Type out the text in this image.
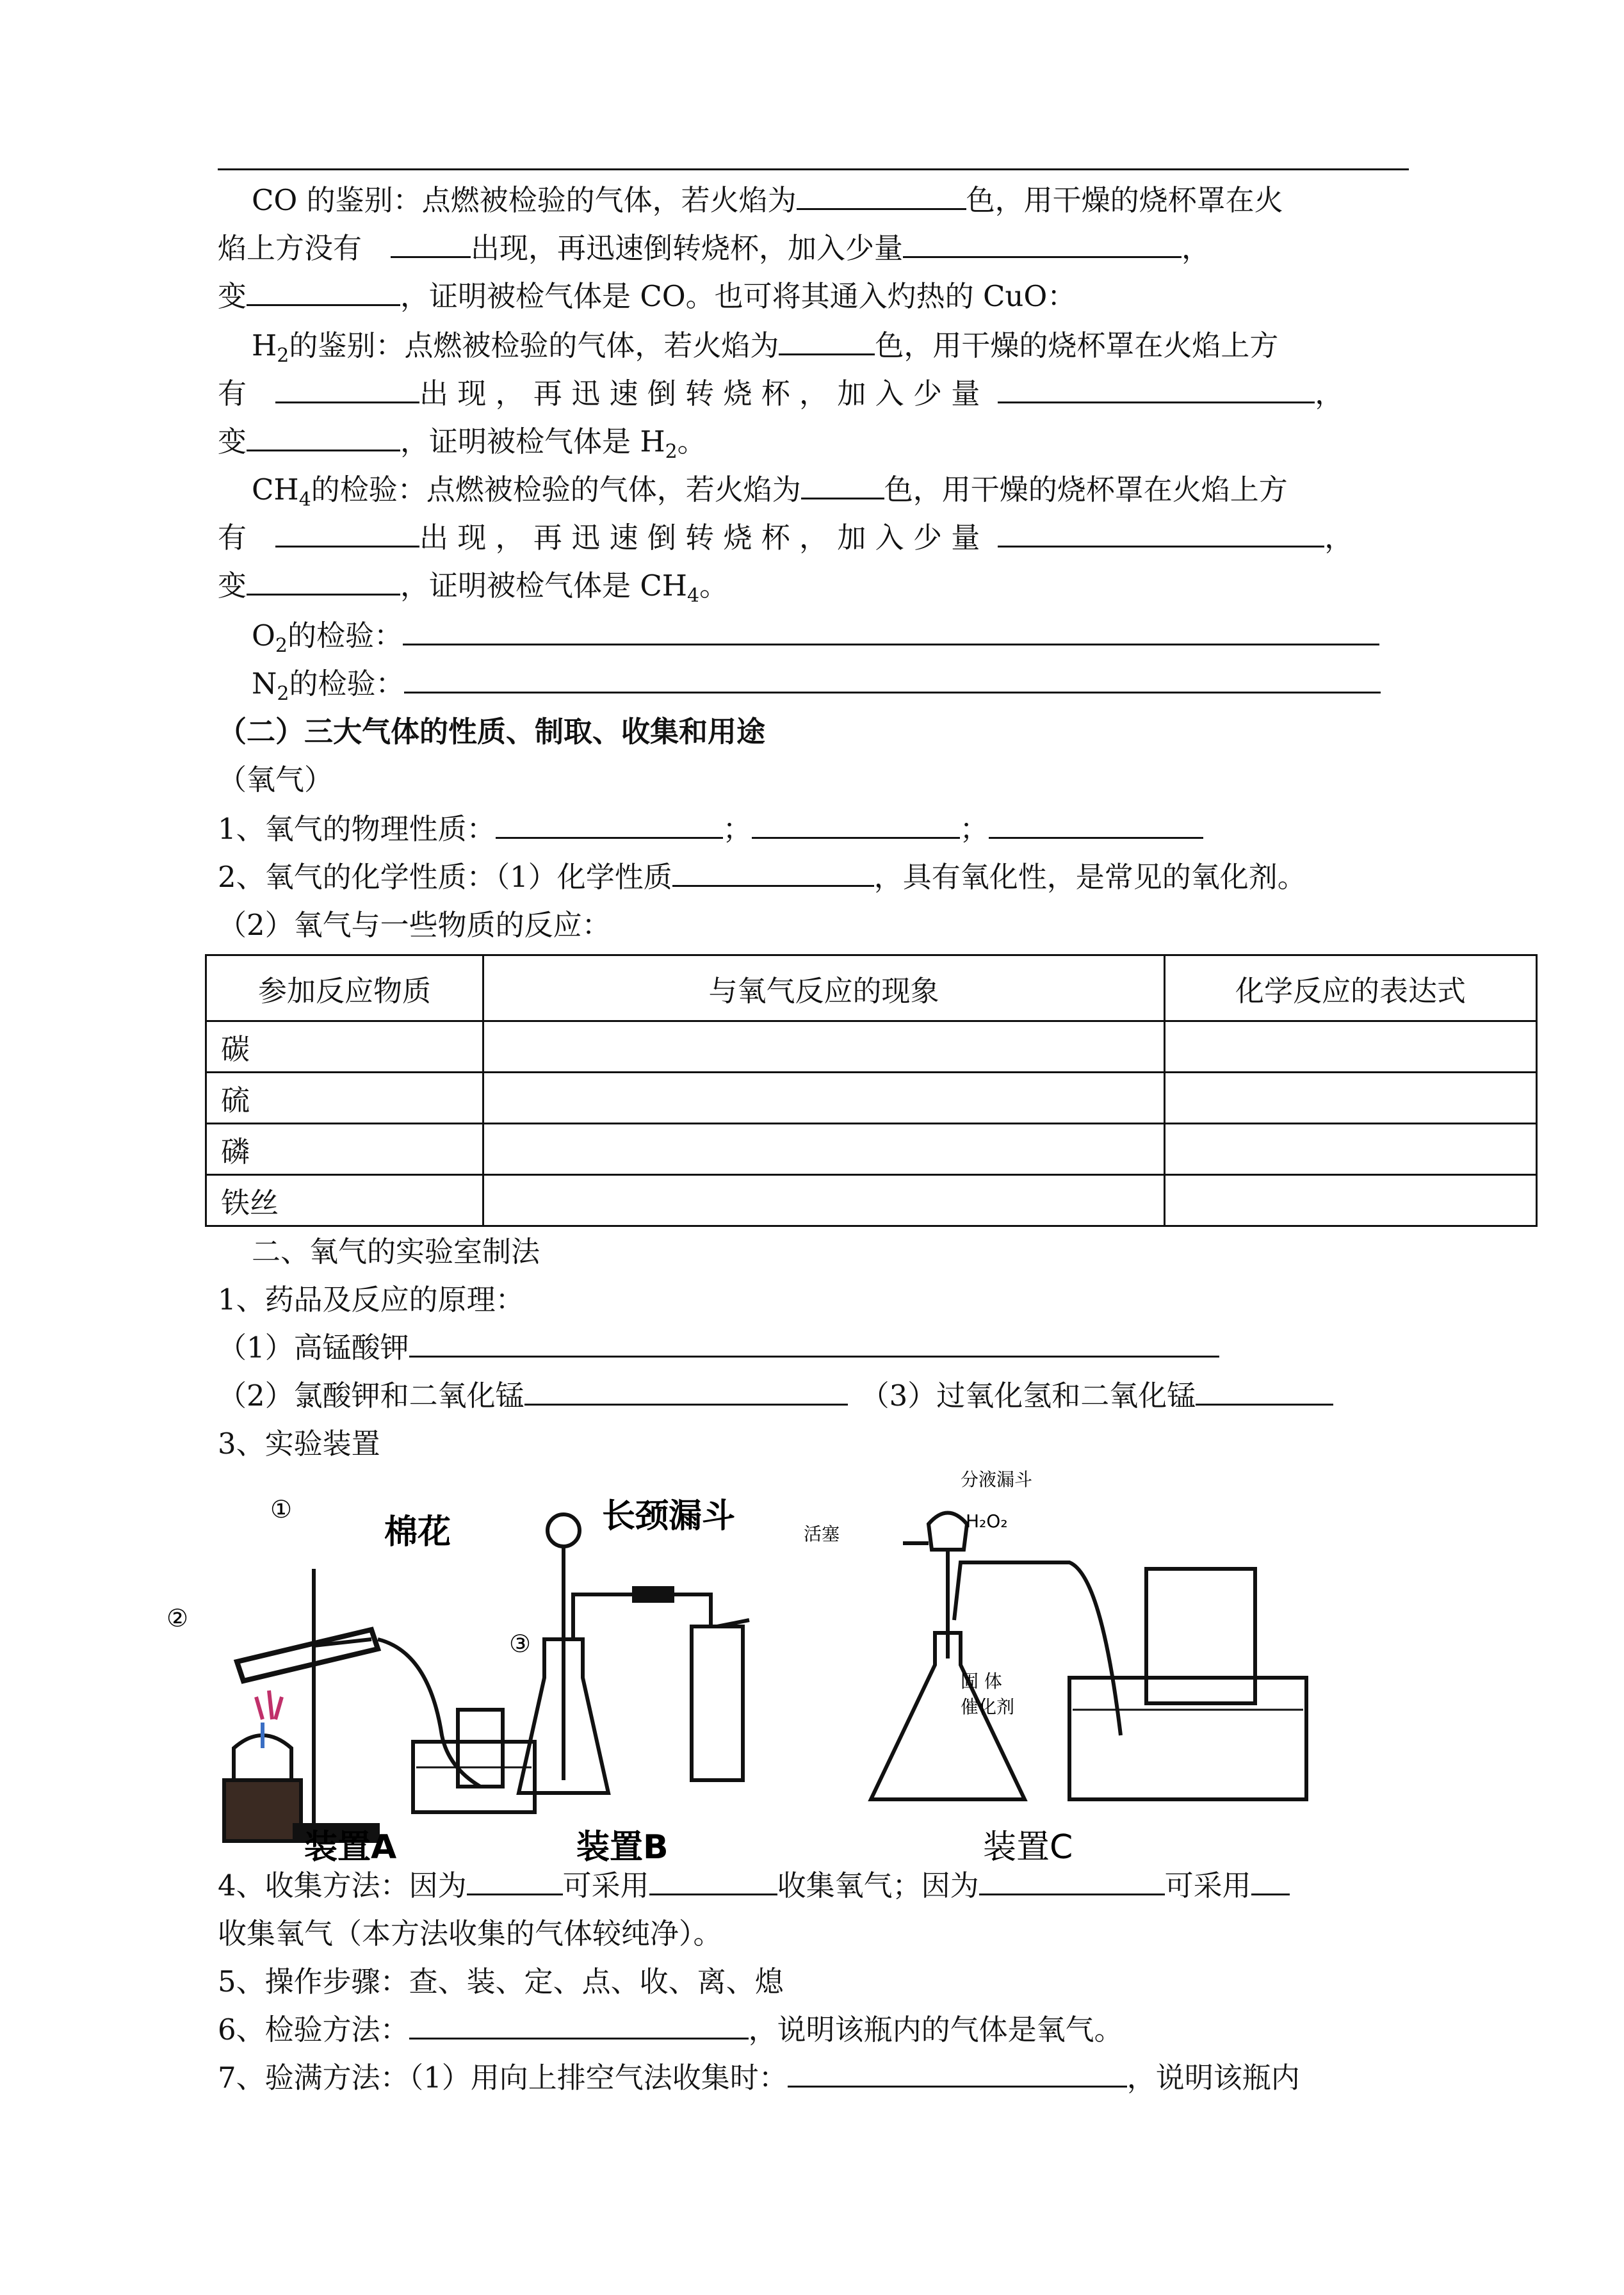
CO 的鉴别：点燃被检验的气体，若火焰为	色，用干燥的烧杯罩在火
焰上方没有	出现，再迅速倒转烧杯，加入少量	，
变	，证明被检气体是 CO。也可将其通入灼热的 CuO：
$H_2$的鉴别：点燃被检验的气体，若火焰为	色，用干燥的烧杯罩在火焰上方
有	出 现 ， 再 迅 速 倒 转 烧 杯 ， 加 入 少 量	，
变	，证明被检气体是 $H_2$。
$CH_4$的检验：点燃被检验的气体，若火焰为	色，用干燥的烧杯罩在火焰上方
有	出 现 ， 再 迅 速 倒 转 烧 杯 ， 加 入 少 量	，
变	，证明被检气体是 $CH_4$。
$O_2$的检验：
$N_2$的检验：
（二）三大气体的性质、制取、收集和用途
（氧气）
1、氧气的物理性质：	；	；
2、氧气的化学性质：（1）化学性质	，具有氧化性，是常见的氧化剂。
（2）氧气与一些物质的反应：
参加反应物质	与氧气反应的现象	化学反应的表达式
碳		
硫		
磷		
铁丝		
二、氧气的实验室制法
1、药品及反应的原理：
（1）高锰酸钾
（2）氯酸钾和二氧化锰	（3）过氧化氢和二氧化锰
3、实验装置
①
②
③
棉花	长颈漏斗
分液漏斗
活塞
H₂O₂
固 体
催化剂
装置A	装置B	装置C
4、收集方法：因为	可采用	收集氧气；因为	可采用
收集氧气（本方法收集的气体较纯净）。
5、操作步骤：查、装、定、点、收、离、熄
6、检验方法：	，说明该瓶内的气体是氧气。
7、验满方法：（1）用向上排空气法收集时：	，说明该瓶内
